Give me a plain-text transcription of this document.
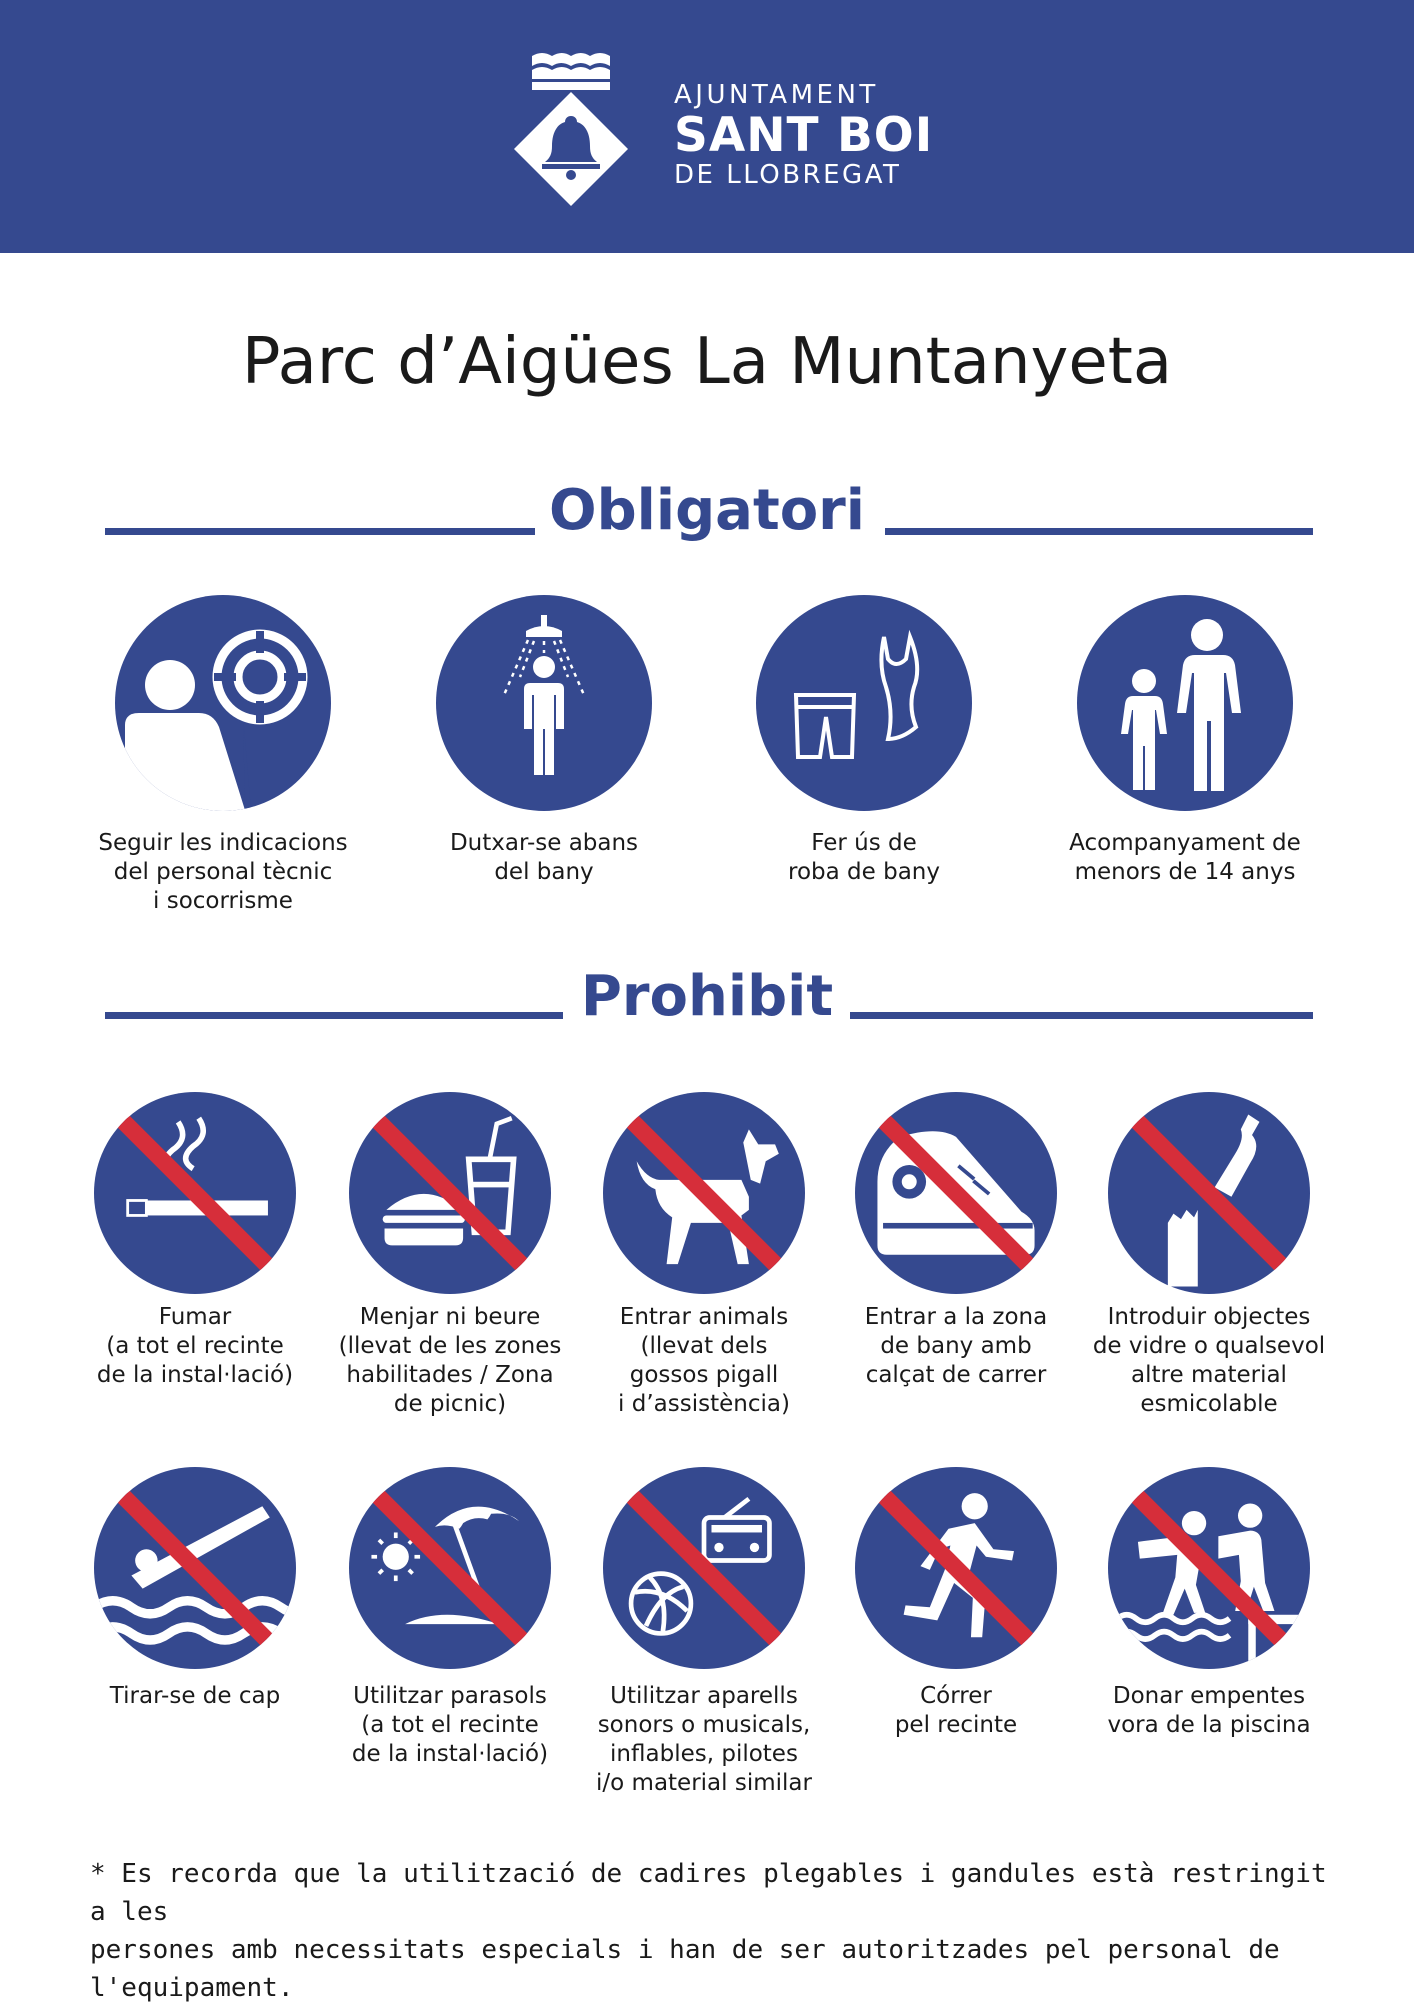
AJUNTAMENT
SANT BOI
DE LLOBREGAT
Parc d’Aigües La Muntanyeta
Obligatori
Seguir les indicacions
del personal tècnic
i socorrisme
Dutxar-se abans
del bany
Fer ús de
roba de bany
Acompanyament de
menors de 14 anys
Prohibit
Fumar
(a tot el recinte
de la instal·lació)
Menjar ni beure
(llevat de les zones
habilitades / Zona
de picnic)
Entrar animals
(llevat dels
gossos pigall
i d’assistència)
Entrar a la zona
de bany amb
calçat de carrer
Introduir objectes
de vidre o qualsevol
altre material
esmicolable
Tirar-se de cap	Utilitzar parasols
(a tot el recinte
de la instal·lació)
Utilitzar aparells
sonors o musicals,
inflables, pilotes
i/o material similar
Córrer
pel recinte
Donar empentes
vora de la piscina
* Es recorda que la utilització de cadires plegables i gandules està restringit a les
persones amb necessitats especials i han de ser autoritzades pel personal de
l'equipament.
